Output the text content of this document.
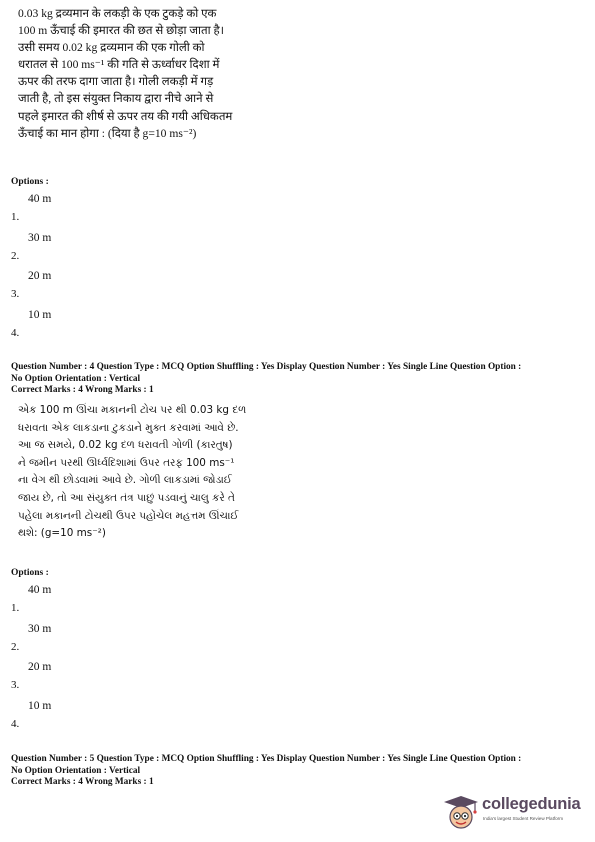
0.03 kg द्रव्यमान के लकड़ी के एक टुकड़े को एक
100 m ऊँचाई की इमारत की छत से छोड़ा जाता है।
उसी समय 0.02 kg द्रव्यमान की एक गोली को
धरातल से 100 ms⁻¹ की गति से ऊर्ध्वाधर दिशा में
ऊपर की तरफ दागा जाता है। गोली लकड़ी में गड़
जाती है, तो इस संयुक्त निकाय द्वारा नीचे आने से
पहले इमारत की शीर्ष से ऊपर तय की गयी अधिकतम
ऊँचाई का मान होगा : (दिया है g=10 ms⁻²)
Options :
1.
40 m
2.
30 m
3.
20 m
4.
10 m
Question Number : 4 Question Type : MCQ Option Shuffling : Yes Display Question Number : Yes Single Line Question Option :
No Option Orientation : Vertical
Correct Marks : 4 Wrong Marks : 1
એક 100 m ઊંચા મકાનની ટોચ પર થી 0.03 kg દળ
ધરાવતા એક લાકડાના ટુકડાને મુક્ત કરવામાં આવે છે.
આ જ સમયે, 0.02 kg દળ ધરાવતી ગોળી (કારતુષ)
ને જમીન પરથી ઊર્ધ્વદિશામાં ઉપર તરફ 100 ms⁻¹
ના વેગ થી છોડવામાં આવે છે. ગોળી લાકડામાં જોડાઈ
જાય છે, તો આ સંયુક્ત તંત્ર પાછું પડવાનું ચાલુ કરે તે
પહેલા મકાનની ટોચથી ઉપર પહોંચેલ મહત્તમ ઊંચાઈ
થશે: (g=10 ms⁻²)
Options :
1.
40 m
2.
30 m
3.
20 m
4.
10 m
Question Number : 5 Question Type : MCQ Option Shuffling : Yes Display Question Number : Yes Single Line Question Option :
No Option Orientation : Vertical
Correct Marks : 4 Wrong Marks : 1
collegedunia
India's largest Student Review Platform
